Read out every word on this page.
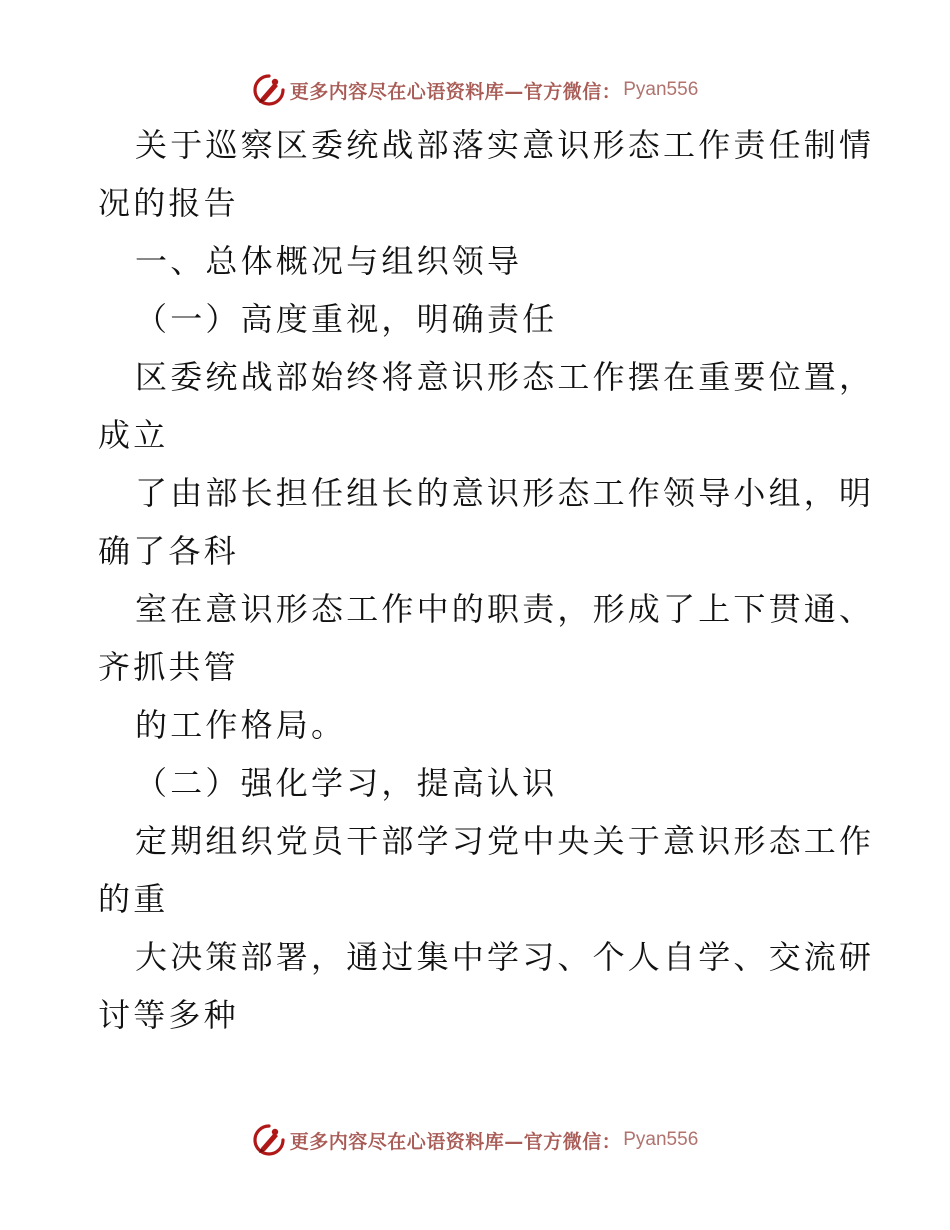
更多内容尽在心语资料库—官方微信： Pyan556
关于巡察区委统战部落实意识形态工作责任制情
况的报告
一、总体概况与组织领导
（一）高度重视，明确责任
区委统战部始终将意识形态工作摆在重要位置，
成立
了由部长担任组长的意识形态工作领导小组，明
确了各科
室在意识形态工作中的职责，形成了上下贯通、
齐抓共管
的工作格局。
（二）强化学习，提高认识
定期组织党员干部学习党中央关于意识形态工作
的重
大决策部署，通过集中学习、个人自学、交流研
讨等多种
更多内容尽在心语资料库—官方微信： Pyan556
